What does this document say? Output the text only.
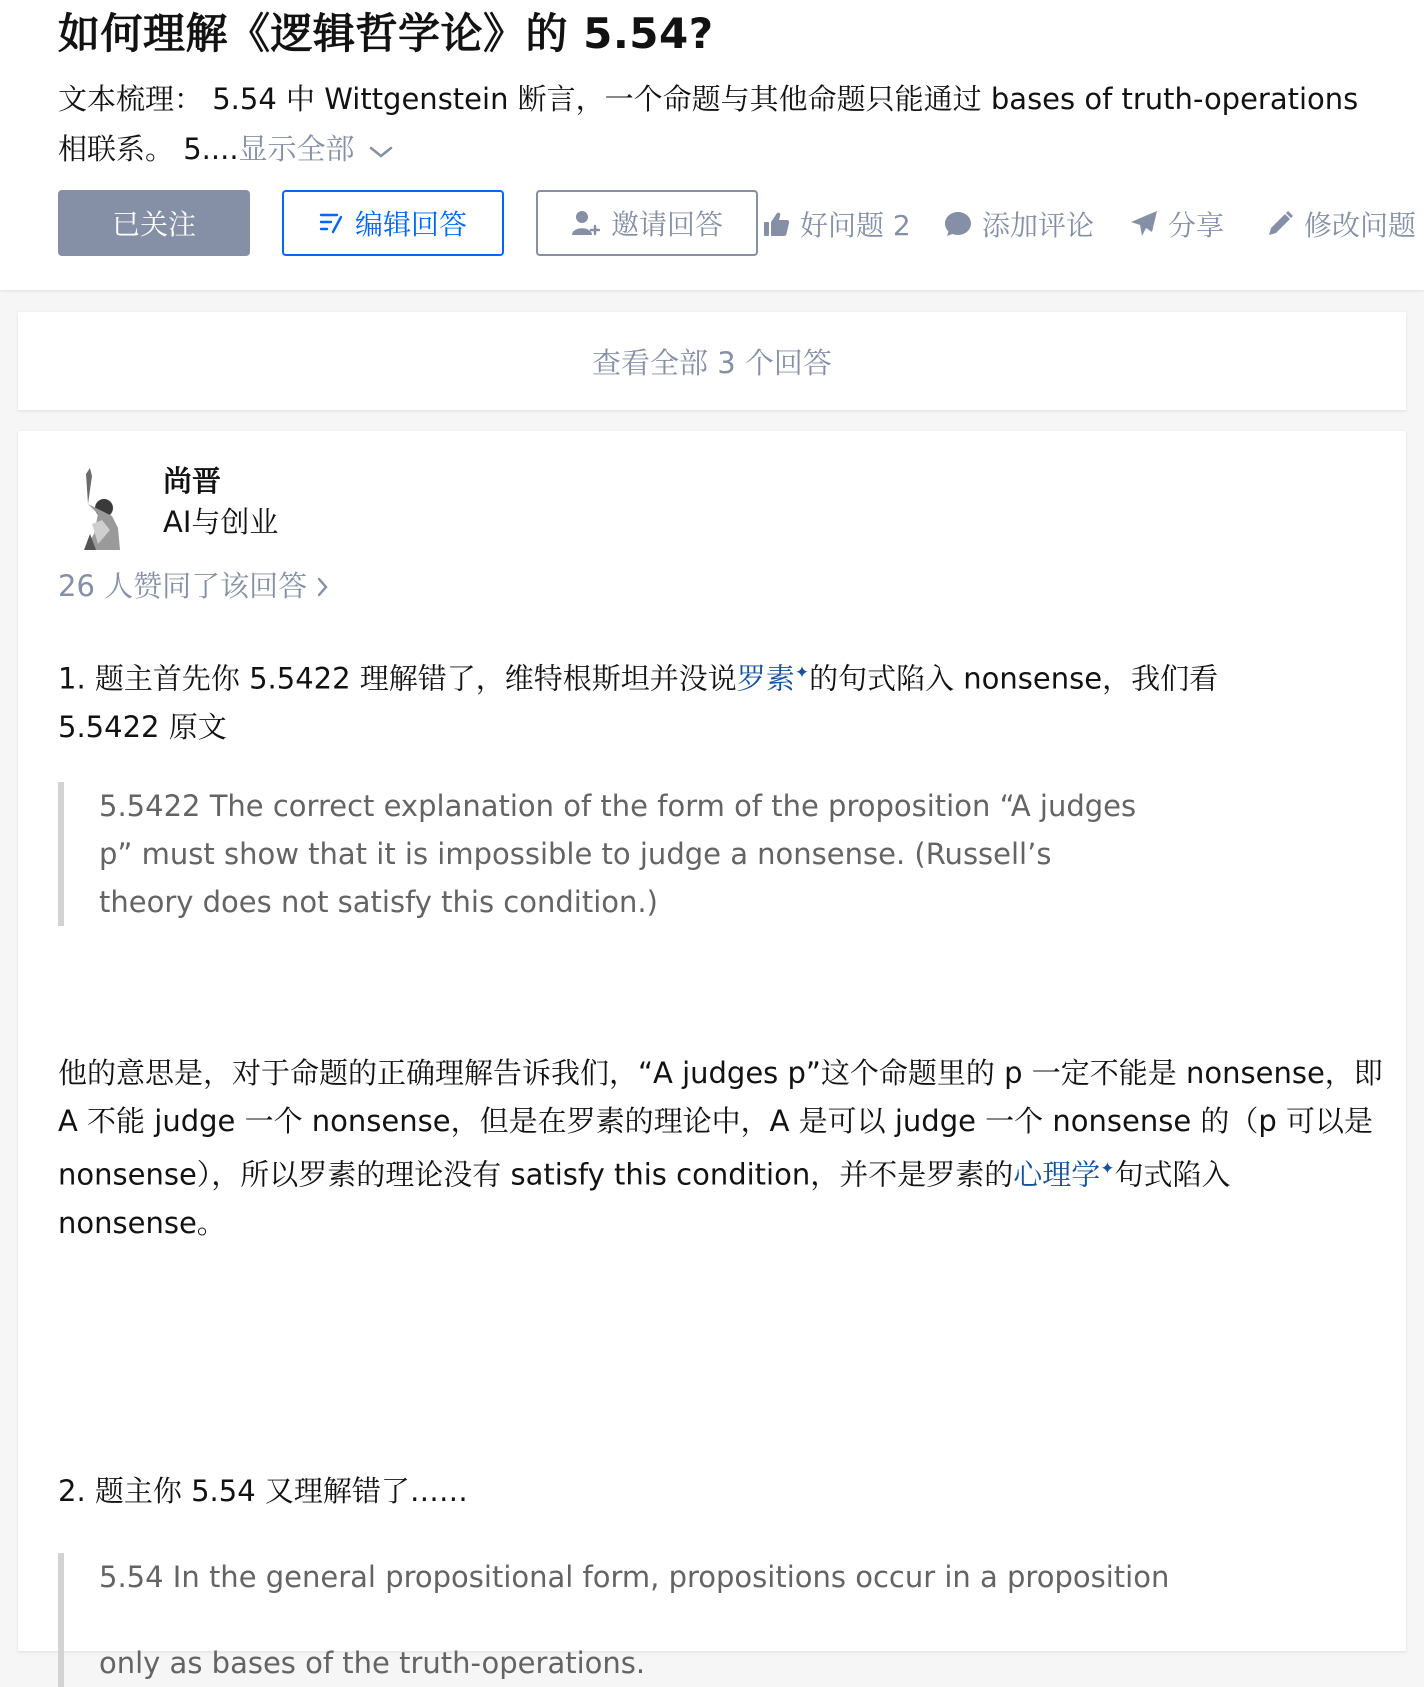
如何理解《逻辑哲学论》的 5.54?

文本梳理： 5.54 中 Wittgenstein 断言，一个命题与其他命题只能通过 bases of truth-operations 相联系。 5....显示全部

已关注	编辑回答	邀请回答	好问题 2	添加评论	分享	修改问题
查看全部 3 个回答
尚晋
AI与创业
26 人赞同了该回答

1. 题主首先你 5.5422 理解错了，维特根斯坦并没说罗素✦的句式陷入 nonsense，我们看 5.5422 原文

5.5422 The correct explanation of the form of the proposition “A judges p” must show that it is impossible to judge a nonsense. (Russell’s theory does not satisfy this condition.)

他的意思是，对于命题的正确理解告诉我们，“A judges p”这个命题里的 p 一定不能是 nonsense，即 A 不能 judge 一个 nonsense，但是在罗素的理论中，A 是可以 judge 一个 nonsense 的（p 可以是 nonsense），所以罗素的理论没有 satisfy this condition，并不是罗素的心理学✦句式陷入 nonsense。

2. 题主你 5.54 又理解错了……

5.54 In the general propositional form, propositions occur in a proposition
only as bases of the truth-operations.
